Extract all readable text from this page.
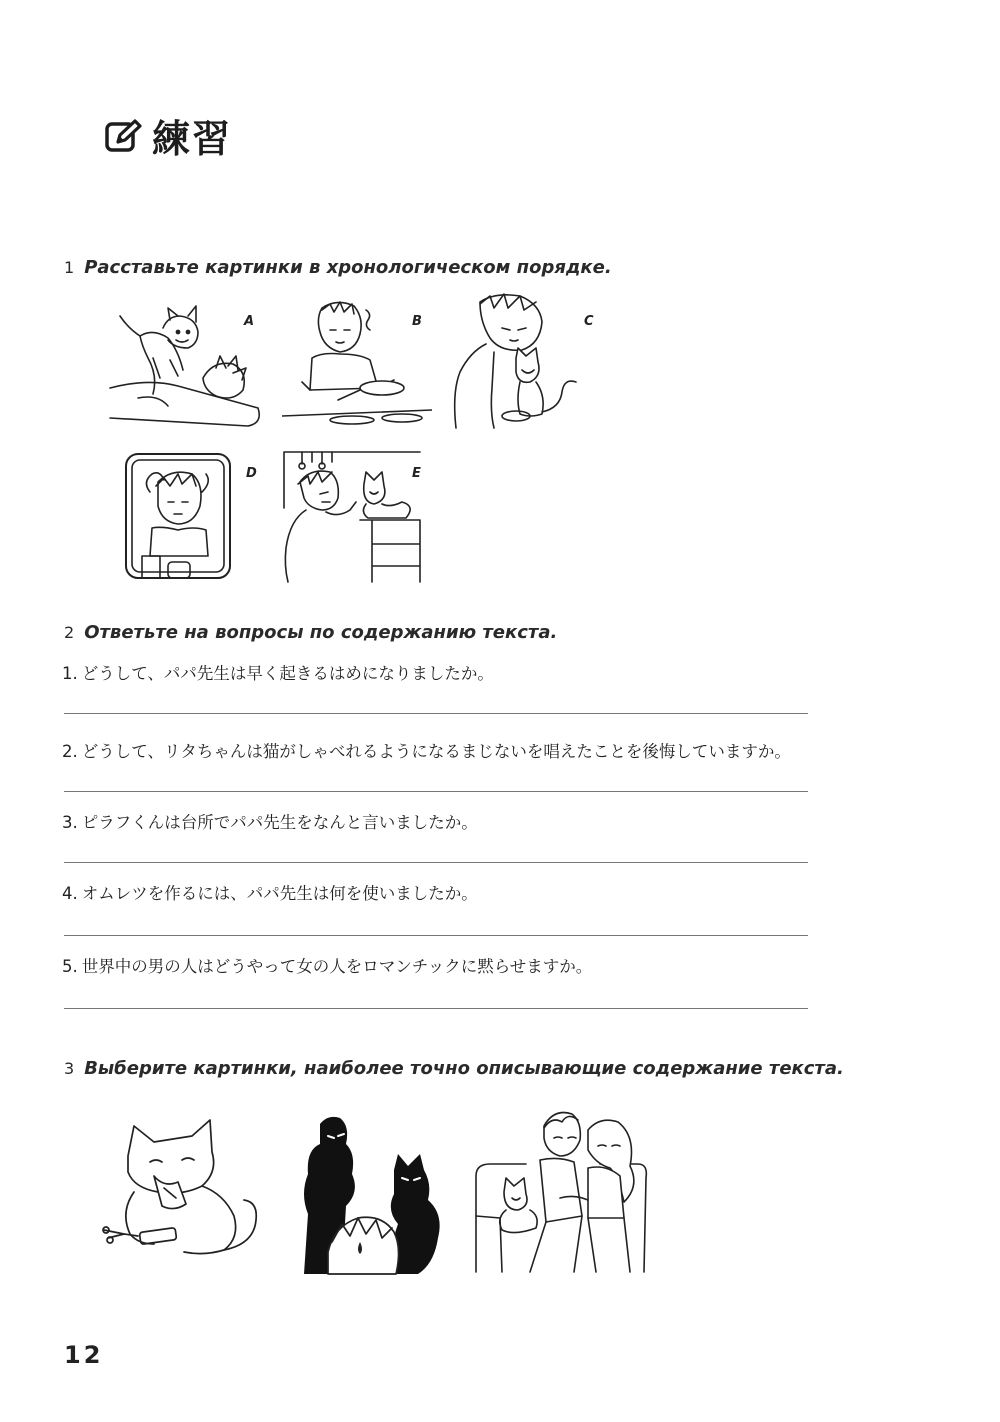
練習
1 Расставьте картинки в хронологическом порядке.
A	B	C
D	E
2 Ответьте на вопросы по содержанию текста.
1. どうして、パパ先生は早く起きるはめになりましたか。
2. どうして、リタちゃんは猫がしゃべれるようになるまじないを唱えたことを後悔していますか。
3. ピラフくんは台所でパパ先生をなんと言いましたか。
4. オムレツを作るには、パパ先生は何を使いましたか。
5. 世界中の男の人はどうやって女の人をロマンチックに黙らせますか。
3 Выберите картинки, наиболее точно описывающие содержание текста.
12
